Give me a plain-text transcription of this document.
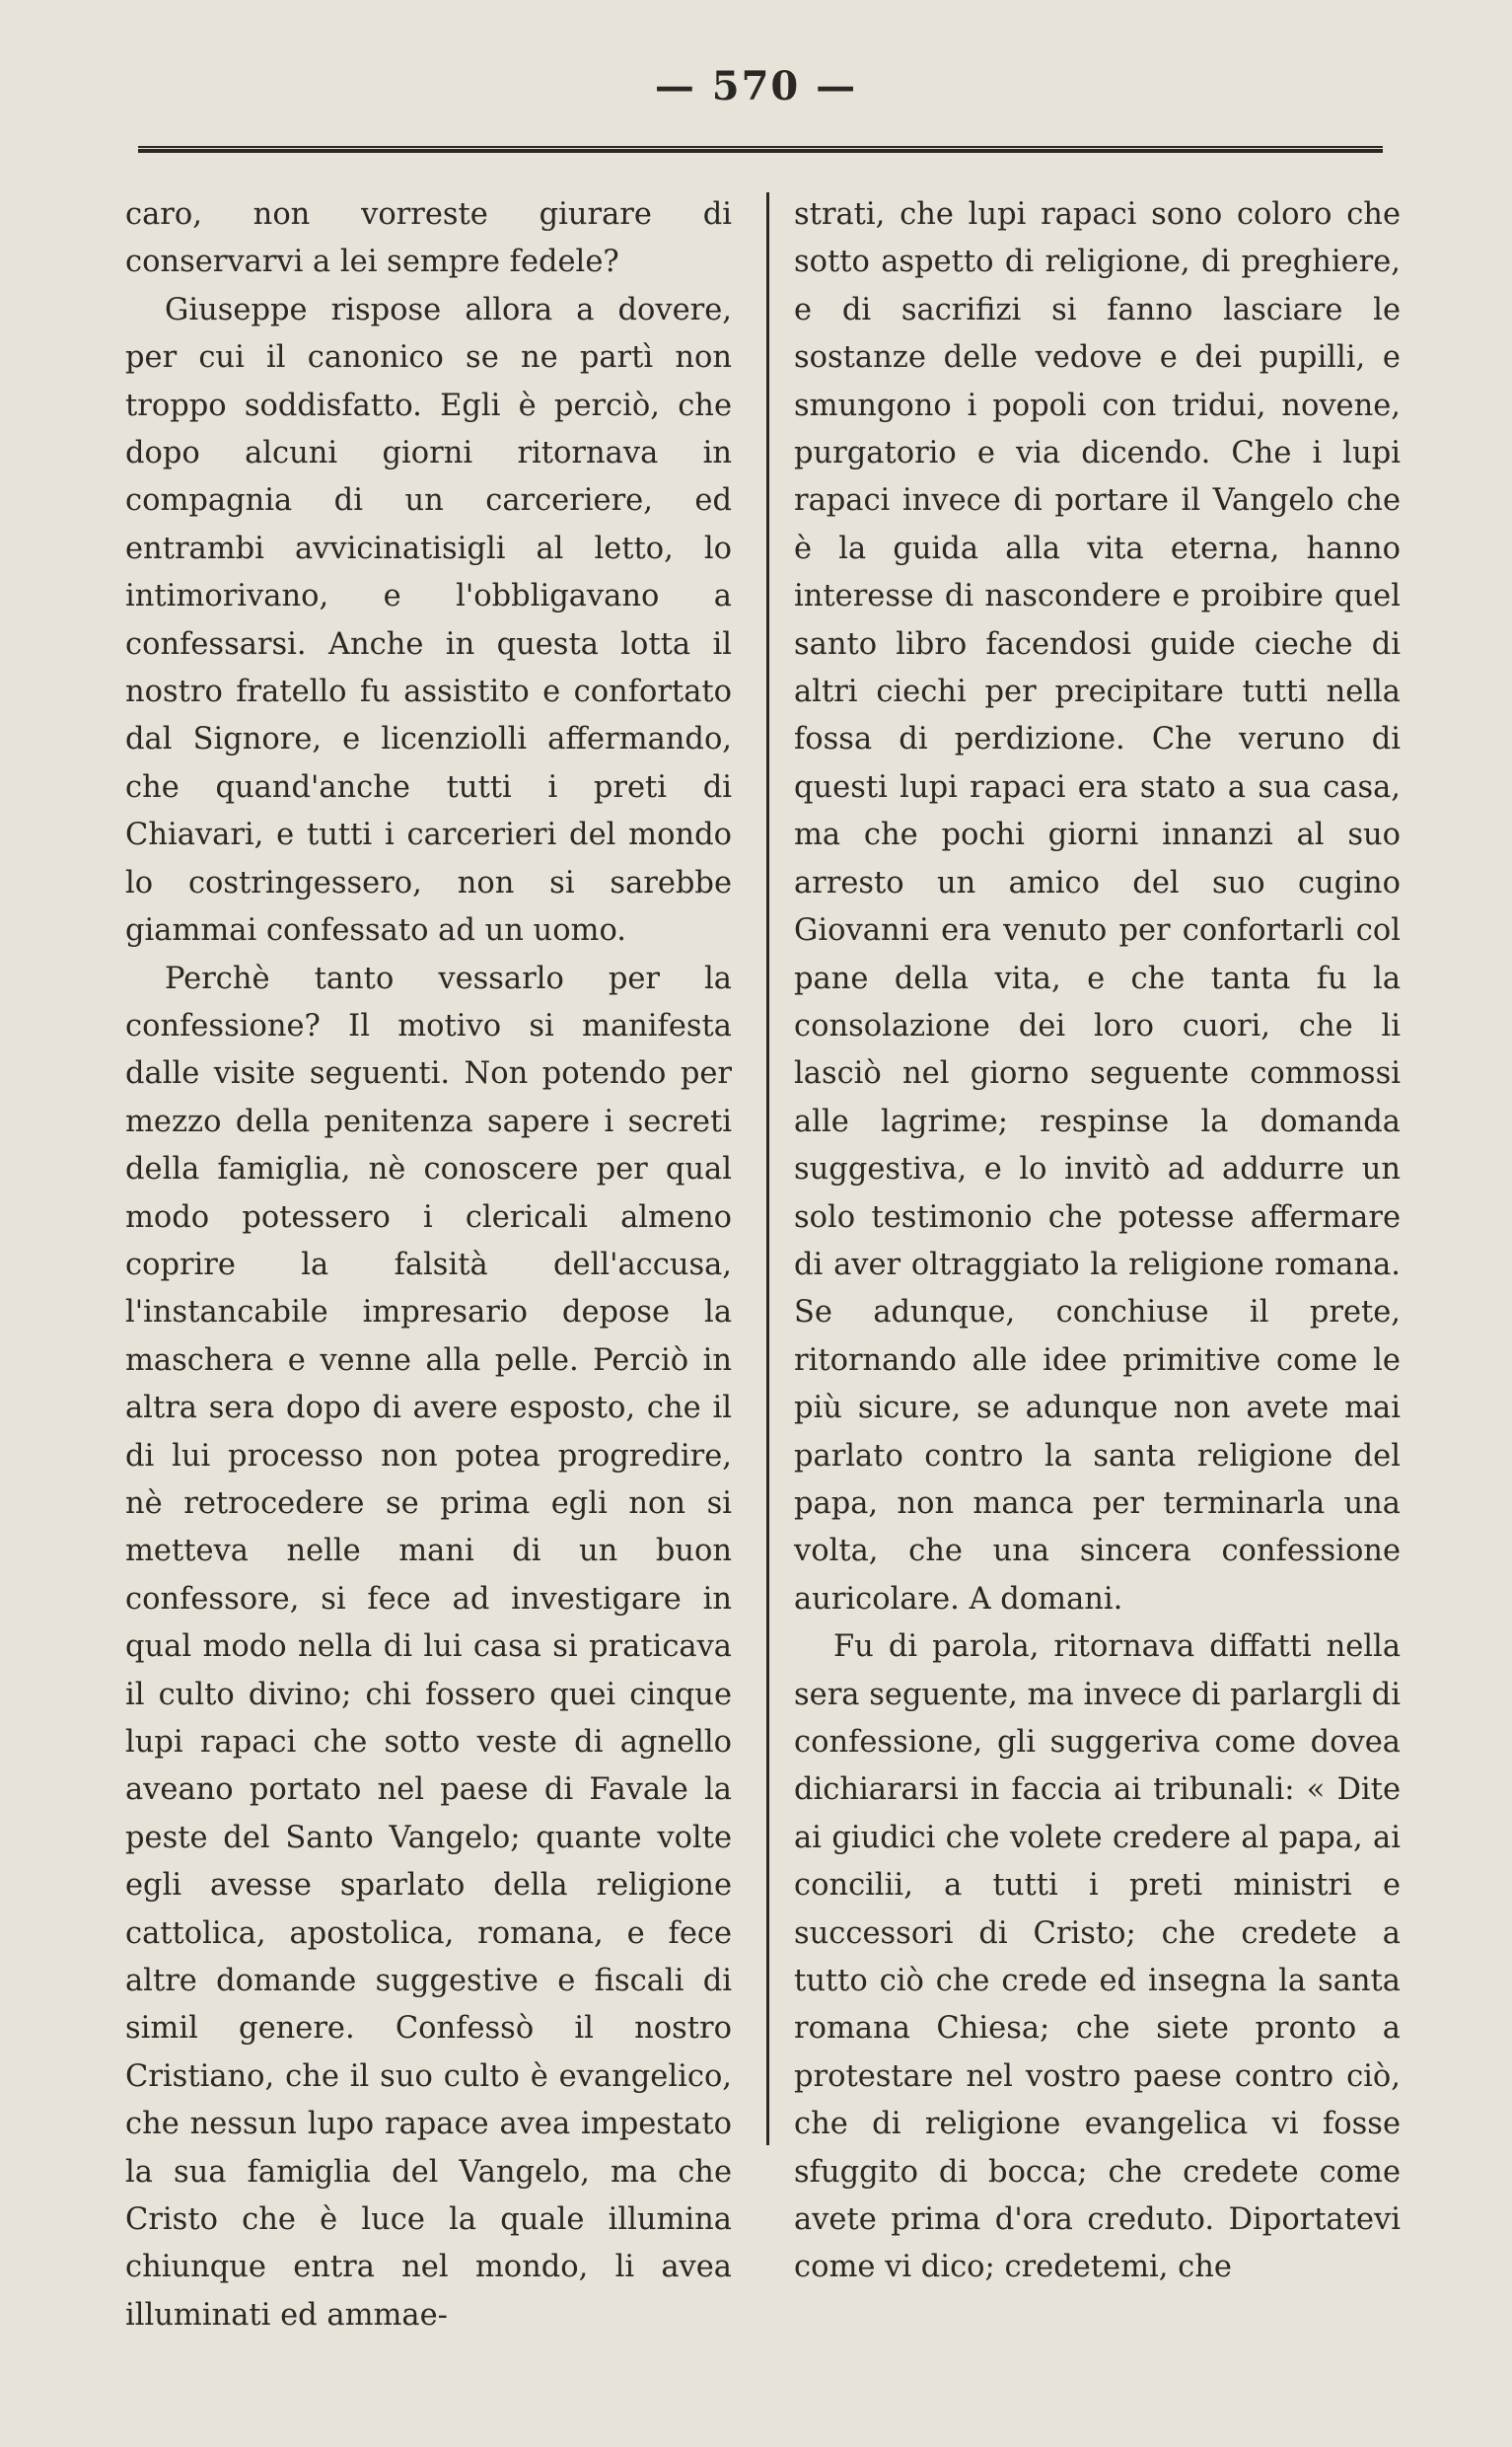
— 570 —

caro, non vorreste giurare di conservarvi a lei sempre fedele?

Giuseppe rispose allora a dovere, per cui il canonico se ne partì non troppo soddisfatto. Egli è perciò, che dopo alcuni giorni ritornava in compagnia di un carceriere, ed entrambi avvicinatisigli al letto, lo intimorivano, e l'obbligavano a confessarsi. Anche in questa lotta il nostro fratello fu assistito e confortato dal Signore, e licenziolli affermando, che quand'anche tutti i preti di Chiavari, e tutti i carcerieri del mondo lo costringessero, non si sarebbe giammai confessato ad un uomo.

Perchè tanto vessarlo per la confessione? Il motivo si manifesta dalle visite seguenti. Non potendo per mezzo della penitenza sapere i secreti della famiglia, nè conoscere per qual modo potessero i clericali almeno coprire la falsità dell'accusa, l'instancabile impresario depose la maschera e venne alla pelle. Perciò in altra sera dopo di avere esposto, che il di lui processo non potea progredire, nè retrocedere se prima egli non si metteva nelle mani di un buon confessore, si fece ad investigare in qual modo nella di lui casa si praticava il culto divino; chi fossero quei cinque lupi rapaci che sotto veste di agnello aveano portato nel paese di Favale la peste del Santo Vangelo; quante volte egli avesse sparlato della religione cattolica, apostolica, romana, e fece altre domande suggestive e fiscali di simil genere. Confessò il nostro Cristiano, che il suo culto è evangelico, che nessun lupo rapace avea impestato la sua famiglia del Vangelo, ma che Cristo che è luce la quale illumina chiunque entra nel mondo, li avea illuminati ed ammae-

strati, che lupi rapaci sono coloro che sotto aspetto di religione, di preghiere, e di sacrifizi si fanno lasciare le sostanze delle vedove e dei pupilli, e smungono i popoli con tridui, novene, purgatorio e via dicendo. Che i lupi rapaci invece di portare il Vangelo che è la guida alla vita eterna, hanno interesse di nascondere e proibire quel santo libro facendosi guide cieche di altri ciechi per precipitare tutti nella fossa di perdizione. Che veruno di questi lupi rapaci era stato a sua casa, ma che pochi giorni innanzi al suo arresto un amico del suo cugino Giovanni era venuto per confortarli col pane della vita, e che tanta fu la consolazione dei loro cuori, che li lasciò nel giorno seguente commossi alle lagrime; respinse la domanda suggestiva, e lo invitò ad addurre un solo testimonio che potesse affermare di aver oltraggiato la religione romana. Se adunque, conchiuse il prete, ritornando alle idee primitive come le più sicure, se adunque non avete mai parlato contro la santa religione del papa, non manca per terminarla una volta, che una sincera confessione auricolare. A domani.

Fu di parola, ritornava diffatti nella sera seguente, ma invece di parlargli di confessione, gli suggeriva come dovea dichiararsi in faccia ai tribunali: « Dite ai giudici che volete credere al papa, ai concilii, a tutti i preti ministri e successori di Cristo; che credete a tutto ciò che crede ed insegna la santa romana Chiesa; che siete pronto a protestare nel vostro paese contro ciò, che di religione evangelica vi fosse sfuggito di bocca; che credete come avete prima d'ora creduto. Diportatevi come vi dico; credetemi, che
